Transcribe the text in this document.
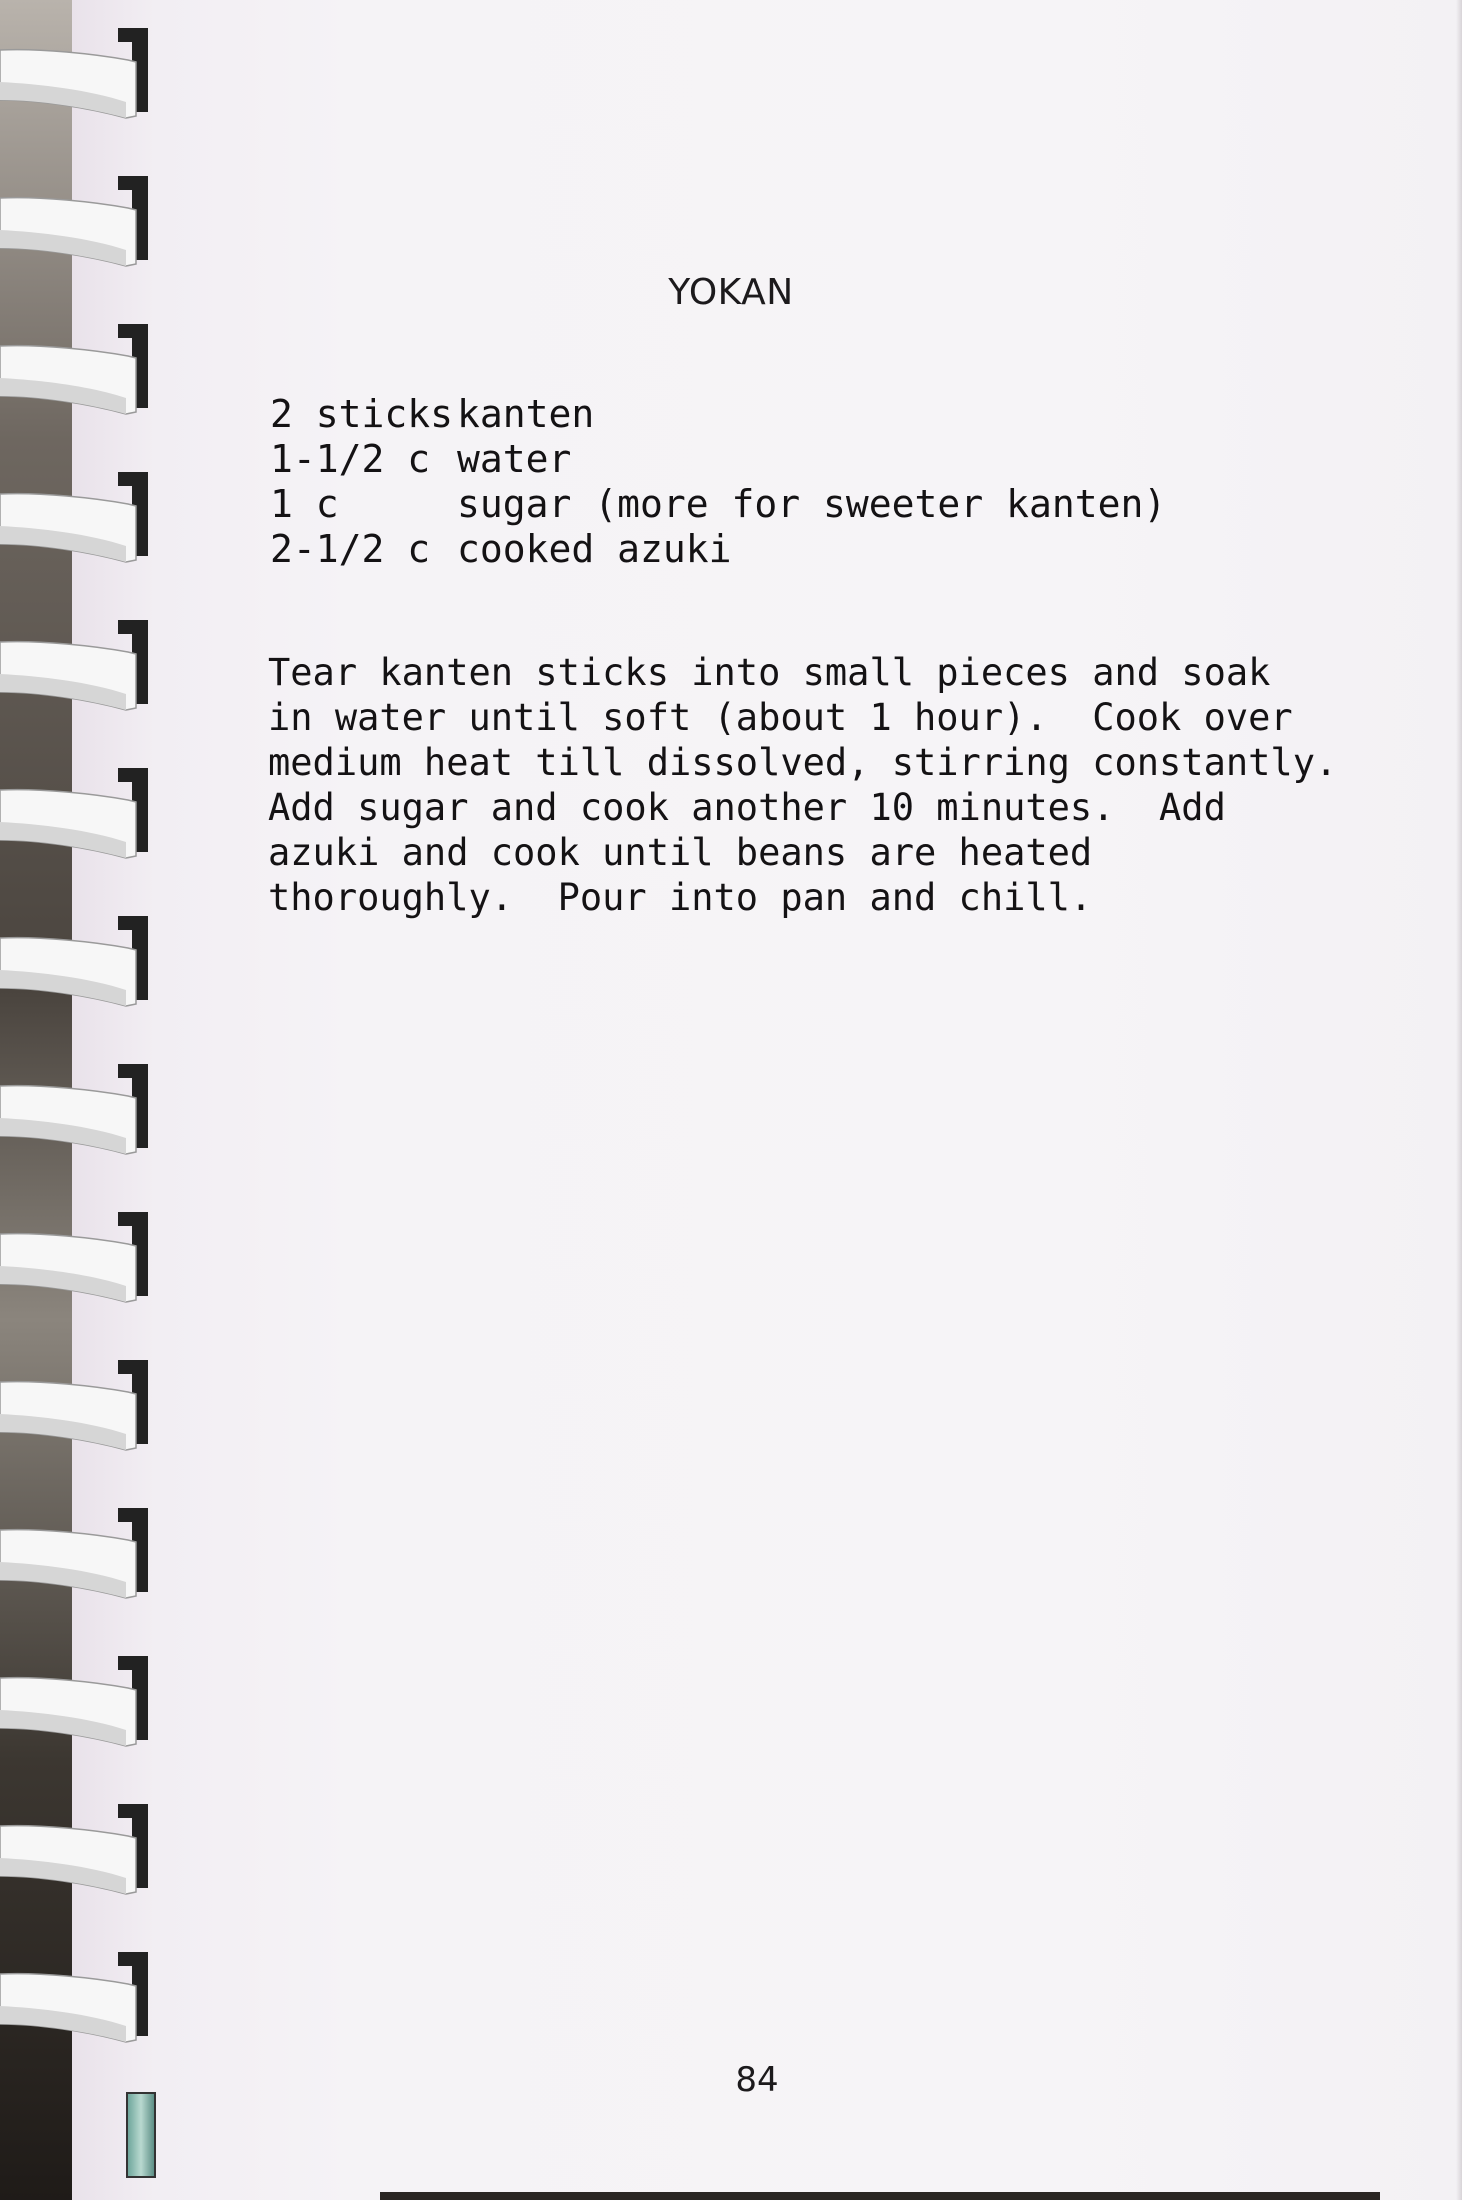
YOKAN
2 sticks kanten
1-1/2 c water
1 c	sugar (more for sweeter kanten)
2-1/2 c cooked azuki
Tear kanten sticks into small pieces and soak
in water until soft (about 1 hour).  Cook over
medium heat till dissolved, stirring constantly.
Add sugar and cook another 10 minutes.  Add
azuki and cook until beans are heated
thoroughly.  Pour into pan and chill.
84
